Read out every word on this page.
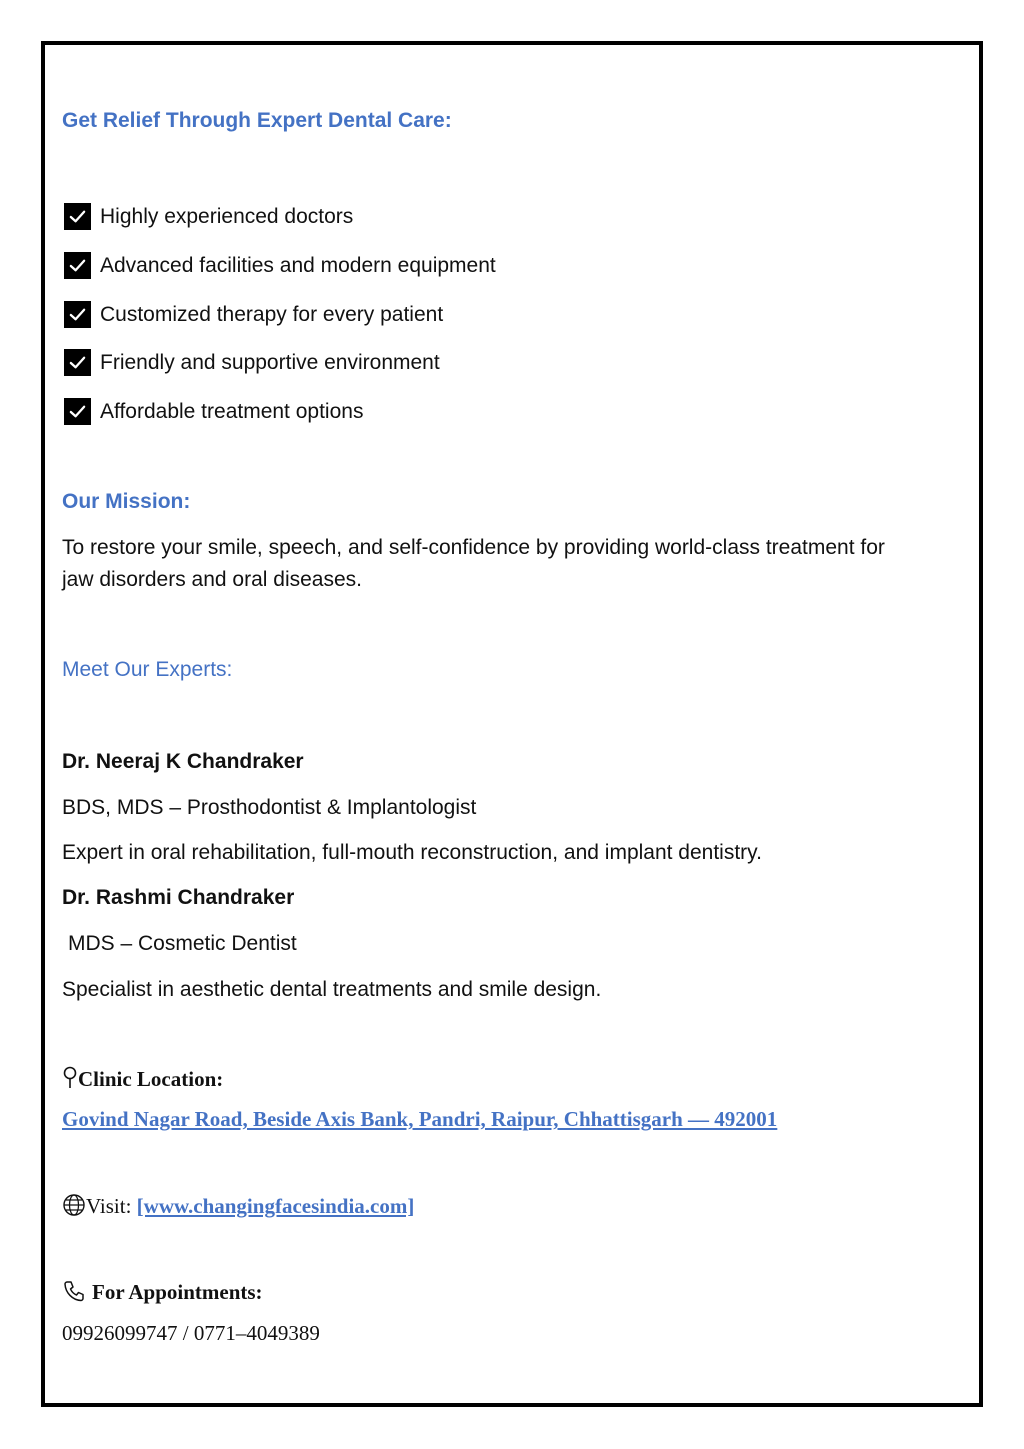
Get Relief Through Expert Dental Care:
Highly experienced doctors
Advanced facilities and modern equipment
Customized therapy for every patient
Friendly and supportive environment
Affordable treatment options
Our Mission:
To restore your smile, speech, and self-confidence by providing world-class treatment for
jaw disorders and oral diseases.
Meet Our Experts:
Dr. Neeraj K Chandraker
BDS, MDS – Prosthodontist & Implantologist
Expert in oral rehabilitation, full-mouth reconstruction, and implant dentistry.
Dr. Rashmi Chandraker
MDS – Cosmetic Dentist
Specialist in aesthetic dental treatments and smile design.
Clinic Location:
Govind Nagar Road, Beside Axis Bank, Pandri, Raipur, Chhattisgarh — 492001
Visit: [www.changingfacesindia.com]
For Appointments:
09926099747 / 0771–4049389
